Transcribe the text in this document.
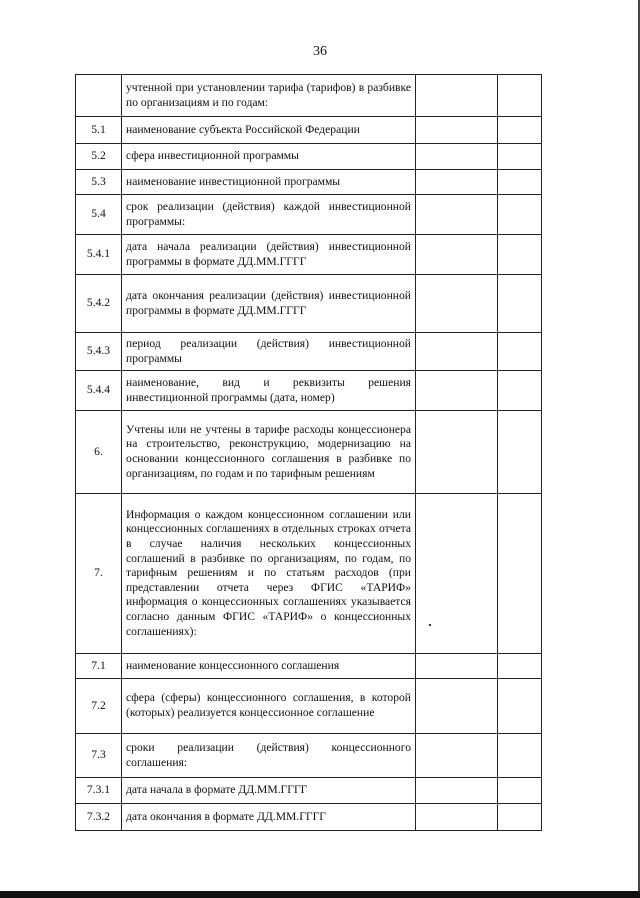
36
	учтенной при установлении тарифа (тарифов) в разбивке по организациям и по годам:		
5.1	наименование субъекта Российской Федерации		
5.2	сфера инвестиционной программы		
5.3	наименование инвестиционной программы		
5.4	срок реализации (действия) каждой инвестиционной программы:		
5.4.1	дата начала реализации (действия) инвестиционной программы в формате ДД.ММ.ГГГГ		
5.4.2	дата окончания реализации (действия) инвестиционной программы в формате ДД.ММ.ГГГГ		
5.4.3	период реализации (действия) инвестиционной программы		
5.4.4	наименование, вид и реквизиты решения инвестиционной программы (дата, номер)		
6.	Учтены или не учтены в тарифе расходы концессионера на строительство, реконструкцию, модернизацию на основании концессионного соглашения в разбивке по организациям, по годам и по тарифным решениям		
7.	Информация о каждом концессионном соглашении или концессионных соглашениях в отдельных строках отчета в случае наличия нескольких концессионных соглашений в разбивке по организациям, по годам, по тарифным решениям и по статьям расходов (при представлении отчета через ФГИС «ТАРИФ» информация о концессионных соглашениях указывается согласно данным ФГИС «ТАРИФ» о концессионных соглашениях):		
7.1	наименование концессионного соглашения		
7.2	сфера (сферы) концессионного соглашения, в которой (которых) реализуется концессионное соглашение		
7.3	сроки реализации (действия) концессионного соглашения:		
7.3.1	дата начала в формате ДД.ММ.ГГГГ		
7.3.2	дата окончания в формате ДД.ММ.ГГГГ		
